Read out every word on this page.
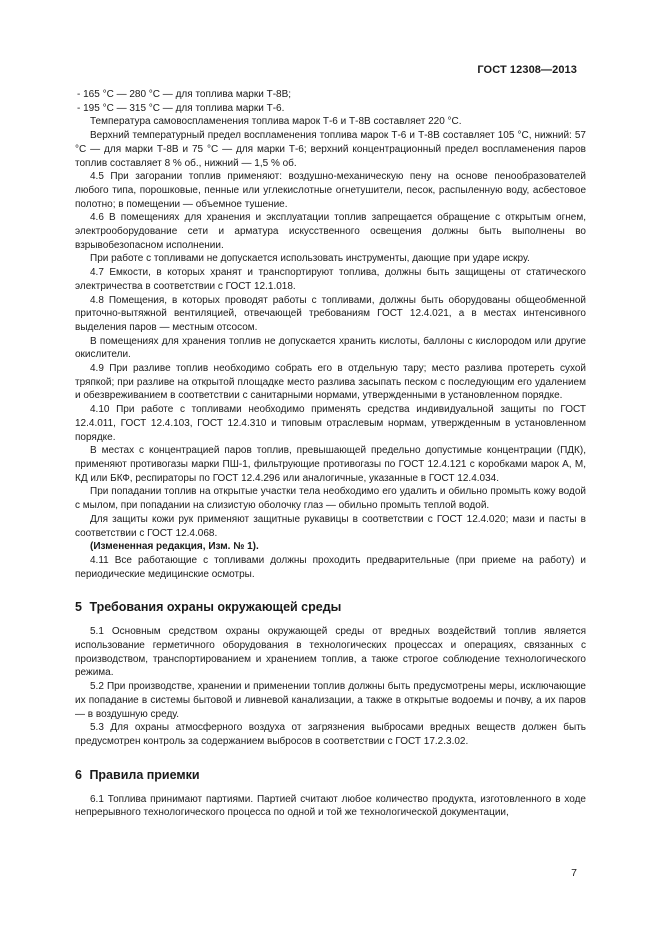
ГОСТ 12308—2013

- 165 °С — 280 °С — для топлива марки Т-8В;

- 195 °С — 315 °С — для топлива марки Т-6.

Температура самовоспламенения топлива марок Т-6 и Т-8В составляет 220 °С.

Верхний температурный предел воспламенения топлива марок Т-6 и Т-8В составляет 105 °С, нижний: 57 °С — для марки Т-8В и 75 °С — для марки Т-6; верхний концентрационный предел воспламенения паров топлив составляет 8 % об., нижний — 1,5 % об.

4.5 При загорании топлив применяют: воздушно-механическую пену на основе пенообразователей любого типа, порошковые, пенные или углекислотные огнетушители, песок, распыленную воду, асбестовое полотно; в помещении — объемное тушение.

4.6 В помещениях для хранения и эксплуатации топлив запрещается обращение с открытым огнем, электрооборудование сети и арматура искусственного освещения должны быть выполнены во взрывобезопасном исполнении.

При работе с топливами не допускается использовать инструменты, дающие при ударе искру.

4.7 Емкости, в которых хранят и транспортируют топлива, должны быть защищены от статического электричества в соответствии с ГОСТ 12.1.018.

4.8 Помещения, в которых проводят работы с топливами, должны быть оборудованы общеобменной приточно-вытяжной вентиляцией, отвечающей требованиям ГОСТ 12.4.021, а в местах интенсивного выделения паров — местным отсосом.

В помещениях для хранения топлив не допускается хранить кислоты, баллоны с кислородом или другие окислители.

4.9 При разливе топлив необходимо собрать его в отдельную тару; место разлива протереть сухой тряпкой; при разливе на открытой площадке место разлива засыпать песком с последующим его удалением и обезвреживанием в соответствии с санитарными нормами, утвержденными в установленном порядке.

4.10 При работе с топливами необходимо применять средства индивидуальной защиты по ГОСТ 12.4.011, ГОСТ 12.4.103, ГОСТ 12.4.310 и типовым отраслевым нормам, утвержденным в установленном порядке.

В местах с концентрацией паров топлив, превышающей предельно допустимые концентрации (ПДК), применяют противогазы марки ПШ-1, фильтрующие противогазы по ГОСТ 12.4.121 с коробками марок А, М, КД или БКФ, респираторы по ГОСТ 12.4.296 или аналогичные, указанные в ГОСТ 12.4.034.

При попадании топлив на открытые участки тела необходимо его удалить и обильно промыть кожу водой с мылом, при попадании на слизистую оболочку глаз — обильно промыть теплой водой.

Для защиты кожи рук применяют защитные рукавицы в соответствии с ГОСТ 12.4.020; мази и пасты в соответствии с ГОСТ 12.4.068.

(Измененная редакция, Изм. № 1).

4.11 Все работающие с топливами должны проходить предварительные (при приеме на работу) и периодические медицинские осмотры.

5 Требования охраны окружающей среды

5.1 Основным средством охраны окружающей среды от вредных воздействий топлив является использование герметичного оборудования в технологических процессах и операциях, связанных с производством, транспортированием и хранением топлив, а также строгое соблюдение технологического режима.

5.2 При производстве, хранении и применении топлив должны быть предусмотрены меры, исключающие их попадание в системы бытовой и ливневой канализации, а также в открытые водоемы и почву, а их паров — в воздушную среду.

5.3 Для охраны атмосферного воздуха от загрязнения выбросами вредных веществ должен быть предусмотрен контроль за содержанием выбросов в соответствии с ГОСТ 17.2.3.02.

6 Правила приемки

6.1 Топлива принимают партиями. Партией считают любое количество продукта, изготовленного в ходе непрерывного технологического процесса по одной и той же технологической документации,

7
